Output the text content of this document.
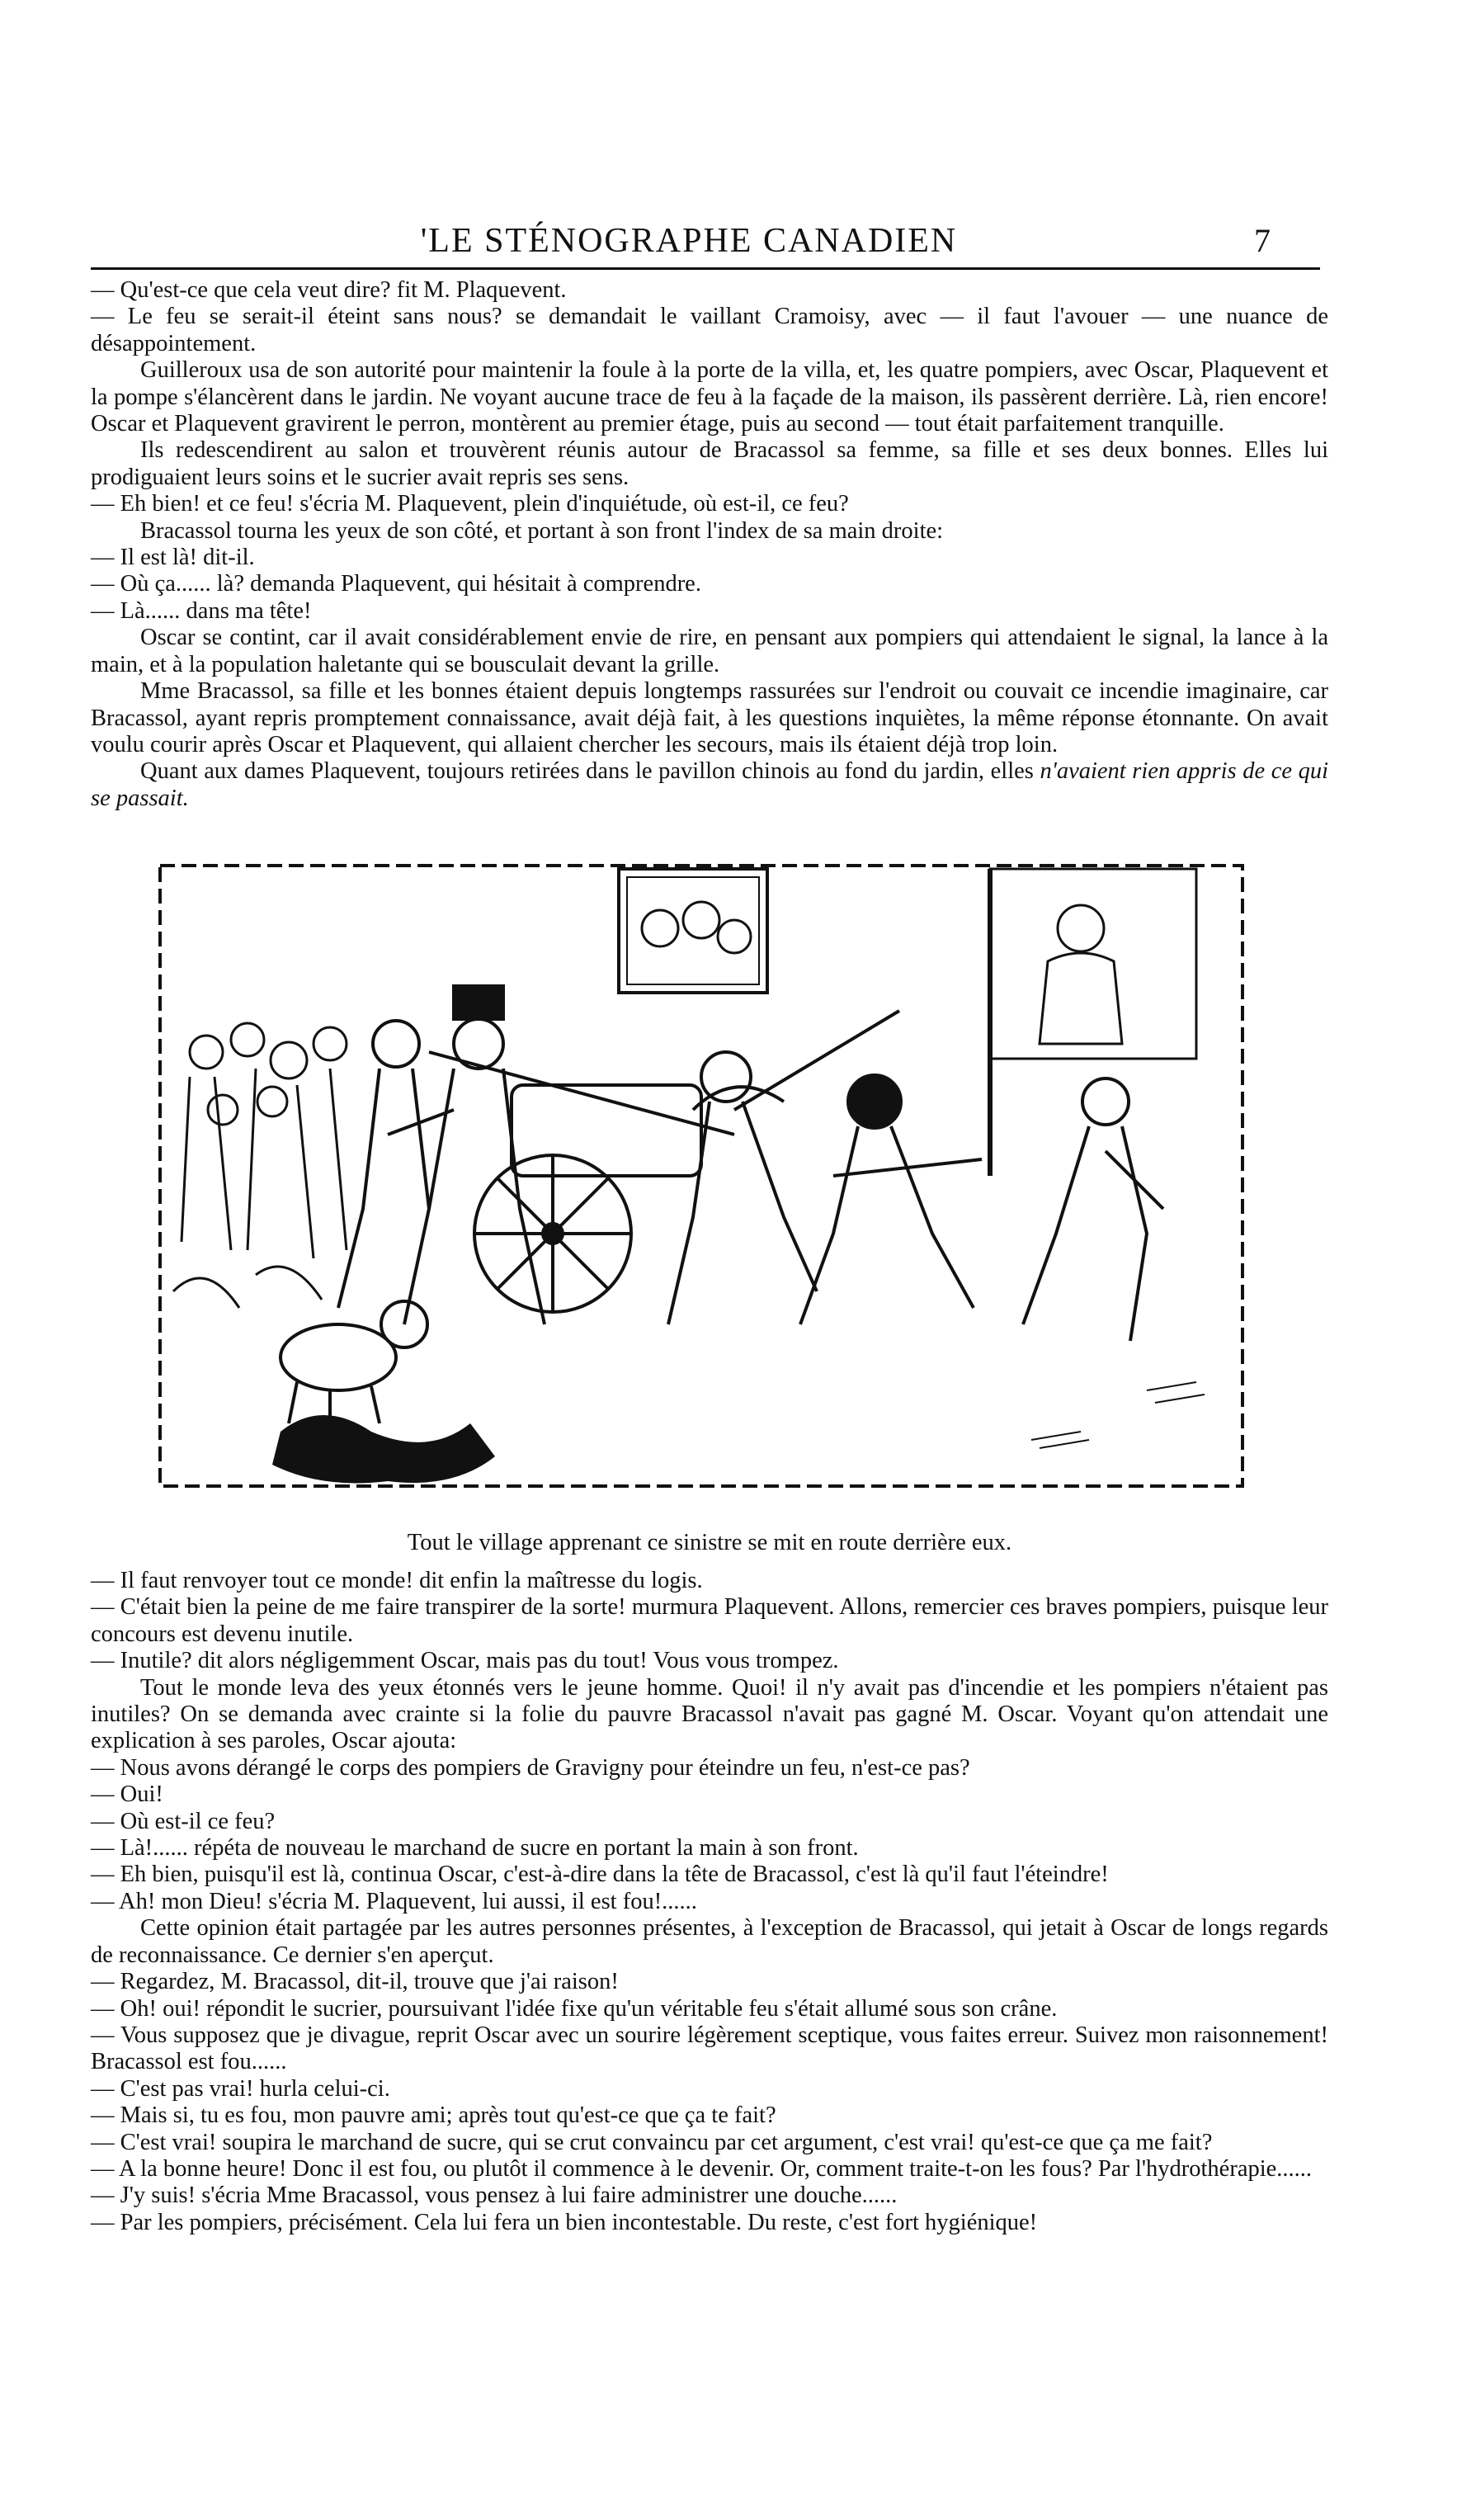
'LE STÉNOGRAPHE CANADIEN	7

— Qu'est-ce que cela veut dire? fit M. Plaquevent.

— Le feu se serait-il éteint sans nous? se demandait le vaillant Cramoisy, avec — il faut l'avouer — une nuance de désappointement.

Guilleroux usa de son autorité pour maintenir la foule à la porte de la villa, et, les quatre pompiers, avec Oscar, Plaquevent et la pompe s'élancèrent dans le jardin. Ne voyant aucune trace de feu à la façade de la maison, ils passèrent derrière. Là, rien encore! Oscar et Plaquevent gravirent le perron, montèrent au premier étage, puis au second — tout était parfaitement tranquille.

Ils redescendirent au salon et trouvèrent réunis autour de Bracassol sa femme, sa fille et ses deux bonnes. Elles lui prodiguaient leurs soins et le sucrier avait repris ses sens.

— Eh bien! et ce feu! s'écria M. Plaquevent, plein d'inquiétude, où est-il, ce feu?

Bracassol tourna les yeux de son côté, et portant à son front l'index de sa main droite:

— Il est là! dit-il.

— Où ça...... là? demanda Plaquevent, qui hésitait à comprendre.

— Là...... dans ma tête!

Oscar se contint, car il avait considérablement envie de rire, en pensant aux pompiers qui attendaient le signal, la lance à la main, et à la population haletante qui se bousculait devant la grille.

Mme Bracassol, sa fille et les bonnes étaient depuis longtemps rassurées sur l'endroit ou couvait ce incendie imaginaire, car Bracassol, ayant repris promptement connaissance, avait déjà fait, à les questions inquiètes, la même réponse étonnante. On avait voulu courir après Oscar et Plaquevent, qui allaient chercher les secours, mais ils étaient déjà trop loin.

Quant aux dames Plaquevent, toujours retirées dans le pavillon chinois au fond du jardin, elles n'avaient rien appris de ce qui se passait.

Tout le village apprenant ce sinistre se mit en route derrière eux.

— Il faut renvoyer tout ce monde! dit enfin la maîtresse du logis.

— C'était bien la peine de me faire transpirer de la sorte! murmura Plaquevent. Allons, remercier ces braves pompiers, puisque leur concours est devenu inutile.

— Inutile? dit alors négligemment Oscar, mais pas du tout! Vous vous trompez.

Tout le monde leva des yeux étonnés vers le jeune homme. Quoi! il n'y avait pas d'incendie et les pompiers n'étaient pas inutiles? On se demanda avec crainte si la folie du pauvre Bracassol n'avait pas gagné M. Oscar. Voyant qu'on attendait une explication à ses paroles, Oscar ajouta:

— Nous avons dérangé le corps des pompiers de Gravigny pour éteindre un feu, n'est-ce pas?

— Oui!

— Où est-il ce feu?

— Là!...... répéta de nouveau le marchand de sucre en portant la main à son front.

— Eh bien, puisqu'il est là, continua Oscar, c'est-à-dire dans la tête de Bracassol, c'est là qu'il faut l'éteindre!

— Ah! mon Dieu! s'écria M. Plaquevent, lui aussi, il est fou!......

Cette opinion était partagée par les autres personnes présentes, à l'exception de Bracassol, qui jetait à Oscar de longs regards de reconnaissance. Ce dernier s'en aperçut.

— Regardez, M. Bracassol, dit-il, trouve que j'ai raison!

— Oh! oui! répondit le sucrier, poursuivant l'idée fixe qu'un véritable feu s'était allumé sous son crâne.

— Vous supposez que je divague, reprit Oscar avec un sourire légèrement sceptique, vous faites erreur. Suivez mon raisonnement! Bracassol est fou......

— C'est pas vrai! hurla celui-ci.

— Mais si, tu es fou, mon pauvre ami; après tout qu'est-ce que ça te fait?

— C'est vrai! soupira le marchand de sucre, qui se crut convaincu par cet argument, c'est vrai! qu'est-ce que ça me fait?

— A la bonne heure! Donc il est fou, ou plutôt il commence à le devenir. Or, comment traite-t-on les fous? Par l'hydrothérapie......

— J'y suis! s'écria Mme Bracassol, vous pensez à lui faire administrer une douche......

— Par les pompiers, précisément. Cela lui fera un bien incontestable. Du reste, c'est fort hygiénique!
